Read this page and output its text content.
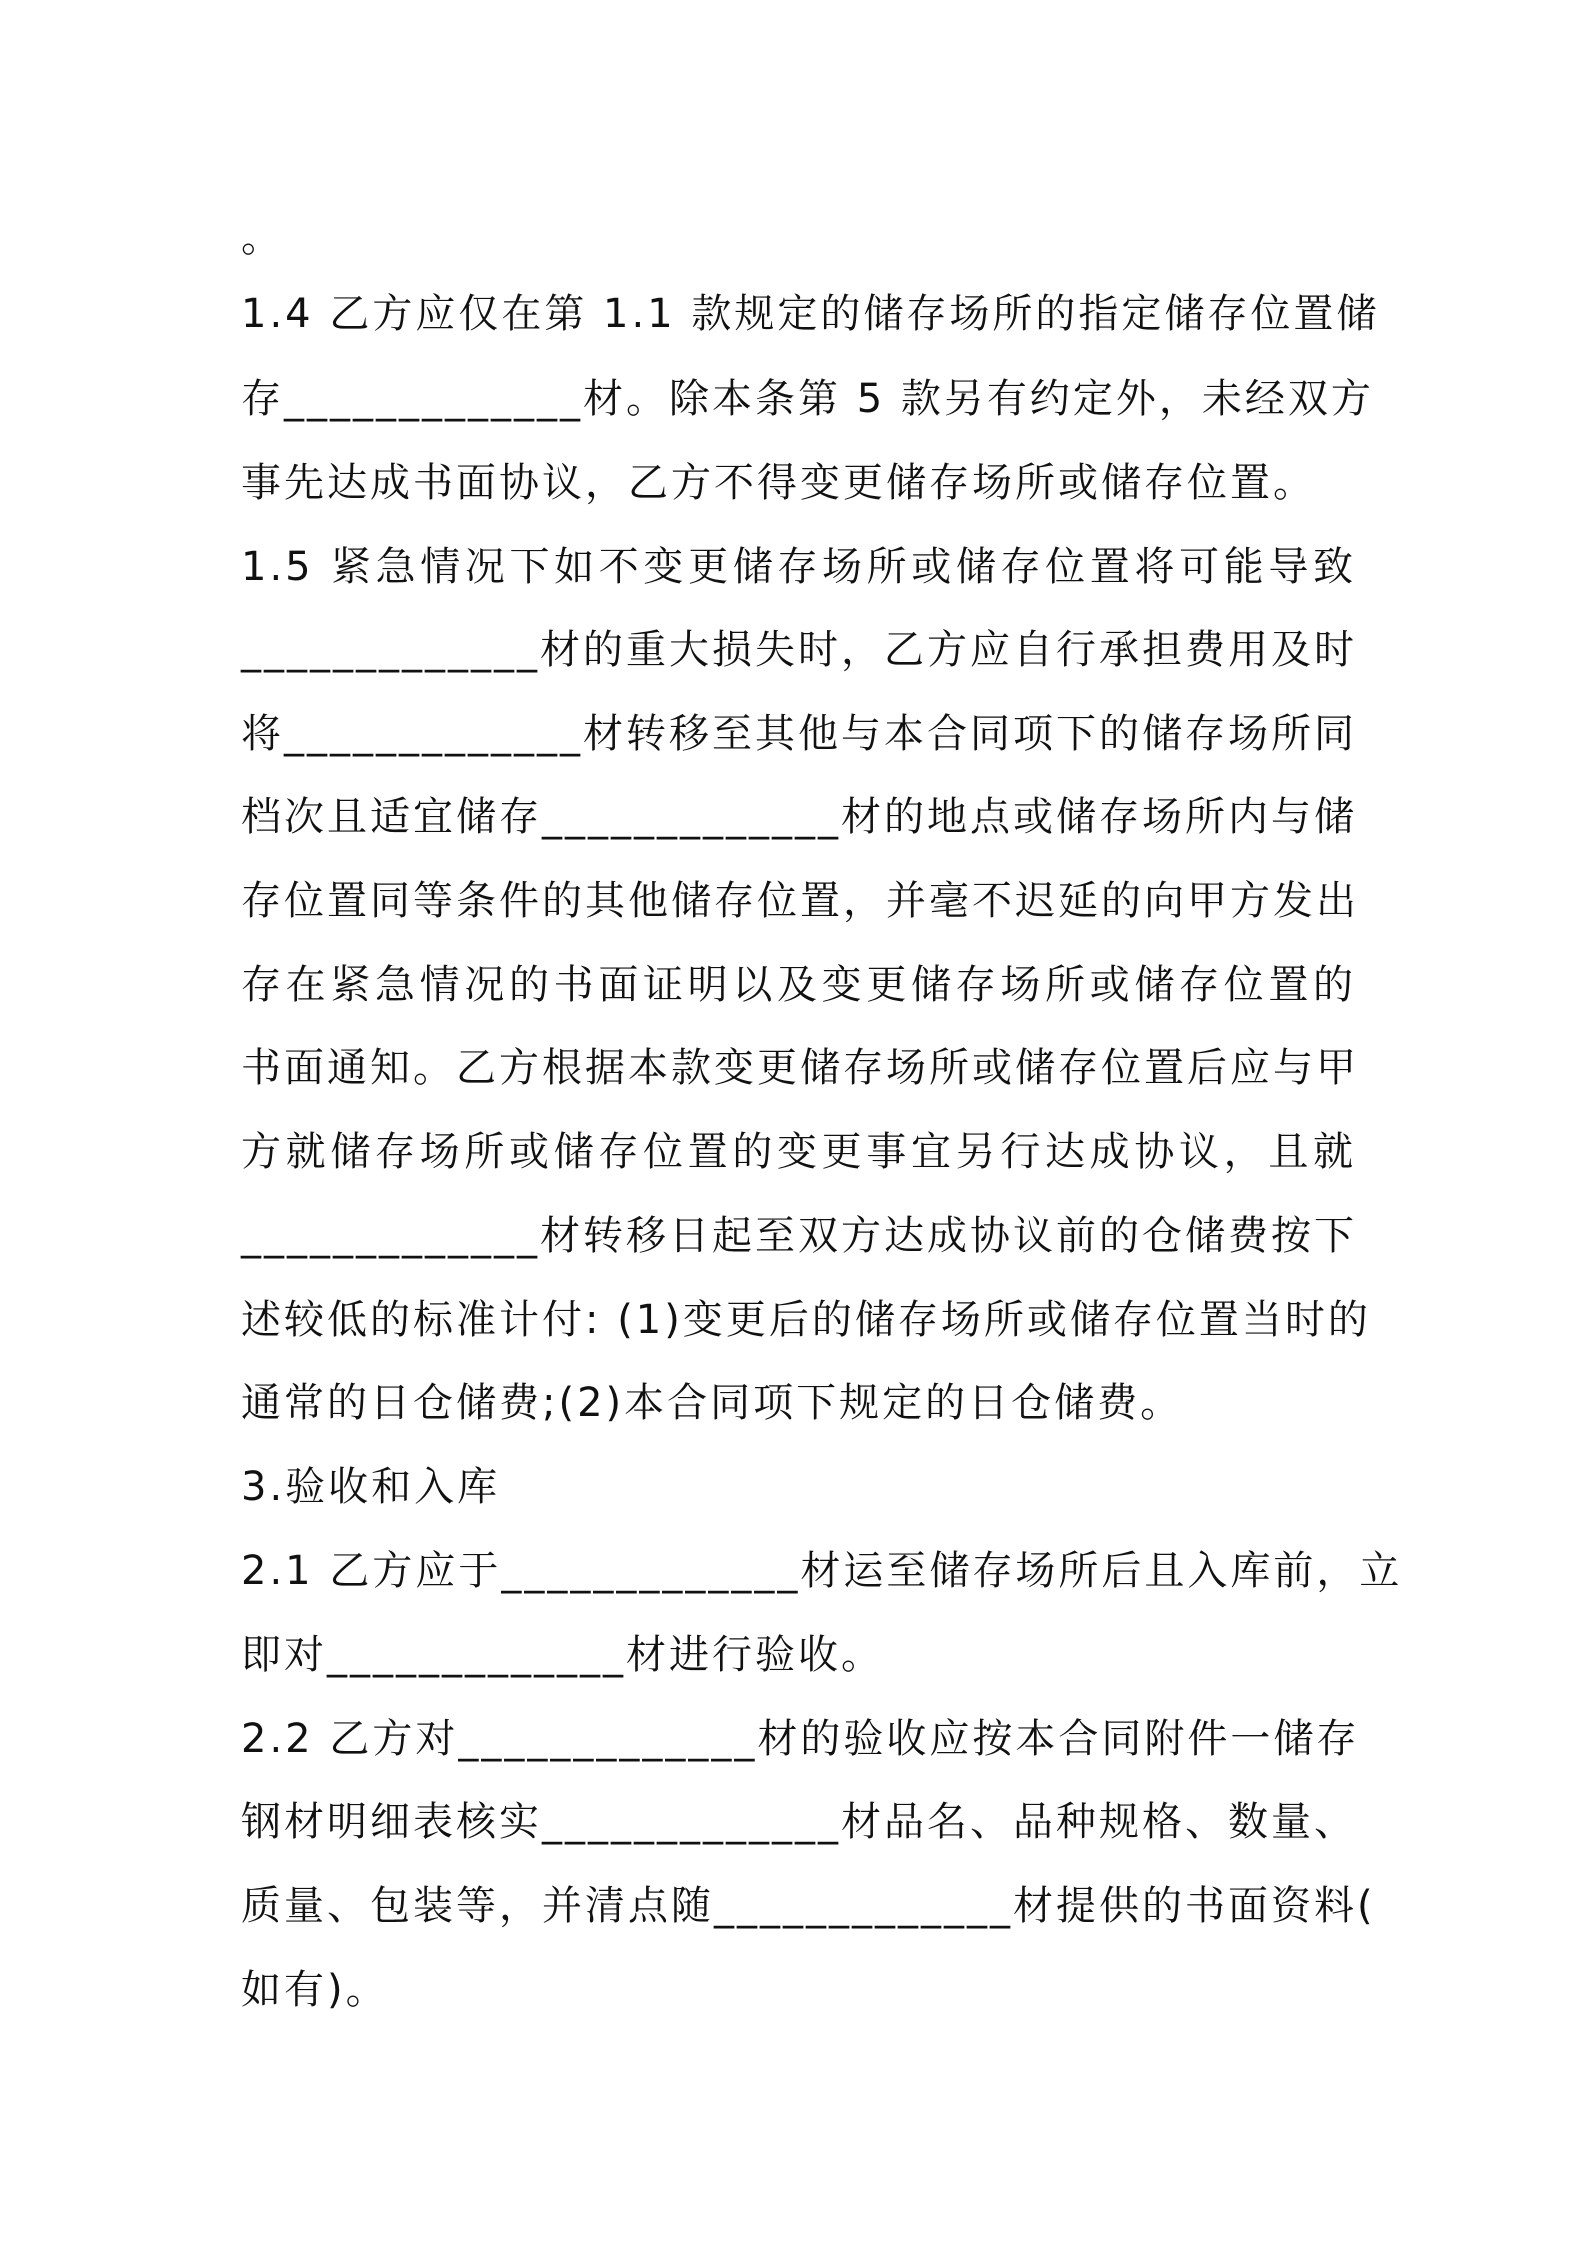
。
1.4 乙方应仅在第 1.1 款规定的储存场所的指定储存位置储
存_____________材。除本条第 5 款另有约定外，未经双方
事先达成书面协议，乙方不得变更储存场所或储存位置。
1.5 紧急情况下如不变更储存场所或储存位置将可能导致
_____________材的重大损失时，乙方应自行承担费用及时
将_____________材转移至其他与本合同项下的储存场所同
档次且适宜储存_____________材的地点或储存场所内与储
存位置同等条件的其他储存位置，并毫不迟延的向甲方发出
存在紧急情况的书面证明以及变更储存场所或储存位置的
书面通知。乙方根据本款变更储存场所或储存位置后应与甲
方就储存场所或储存位置的变更事宜另行达成协议，且就
_____________材转移日起至双方达成协议前的仓储费按下
述较低的标准计付: (1)变更后的储存场所或储存位置当时的
通常的日仓储费;(2)本合同项下规定的日仓储费。
3.验收和入库
2.1 乙方应于_____________材运至储存场所后且入库前，立
即对_____________材进行验收。
2.2 乙方对_____________材的验收应按本合同附件一储存
钢材明细表核实_____________材品名、品种规格、数量、
质量、包装等，并清点随_____________材提供的书面资料(
如有)。
